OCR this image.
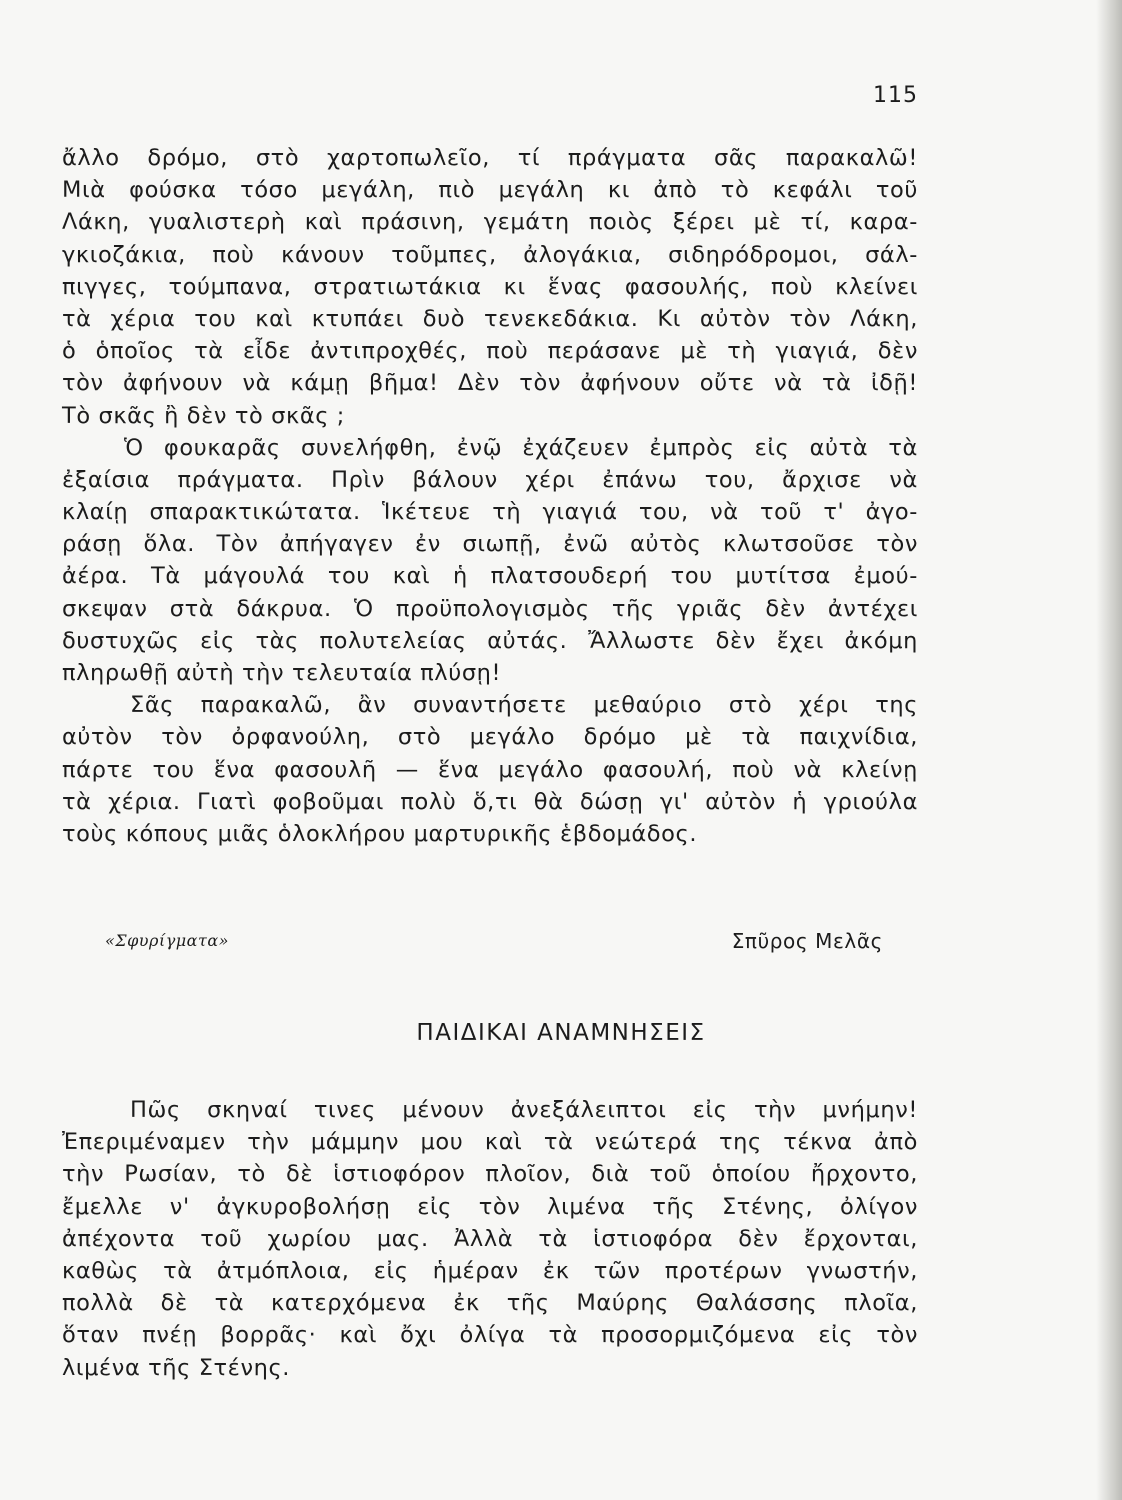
115
ἄλλο δρόμο, στὸ χαρτοπωλεῖο, τί πράγματα σᾶς παρακαλῶ!
Μιὰ φούσκα τόσο μεγάλη, πιὸ μεγάλη κι ἀπὸ τὸ κεφάλι τοῦ
Λάκη, γυαλιστερὴ καὶ πράσινη, γεμάτη ποιὸς ξέρει μὲ τί, καρα-
γκιοζάκια, ποὺ κάνουν τοῦμπες, ἀλογάκια, σιδηρόδρομοι, σάλ-
πιγγες, τούμπανα, στρατιωτάκια κι ἕνας φασουλής, ποὺ κλείνει
τὰ χέρια του καὶ κτυπάει δυὸ τενεκεδάκια. Κι αὐτὸν τὸν Λάκη,
ὁ ὁποῖος τὰ εἶδε ἀντιπροχθές, ποὺ περάσανε μὲ τὴ γιαγιά, δὲν
τὸν ἀφήνουν νὰ κάμῃ βῆμα! Δὲν τὸν ἀφήνουν οὔτε νὰ τὰ ἰδῇ!
Τὸ σκᾶς ἢ δὲν τὸ σκᾶς ;
Ὁ φουκαρᾶς συνελήφθη, ἐνῷ ἐχάζευεν ἐμπρὸς εἰς αὐτὰ τὰ
ἐξαίσια πράγματα. Πρὶν βάλουν χέρι ἐπάνω του, ἄρχισε νὰ
κλαίῃ σπαρακτικώτατα. Ἱκέτευε τὴ γιαγιά του, νὰ τοῦ τ' ἀγο-
ράσῃ ὅλα. Τὸν ἀπήγαγεν ἐν σιωπῇ, ἐνῶ αὐτὸς κλωτσοῦσε τὸν
ἀέρα. Τὰ μάγουλά του καὶ ἡ πλατσουδερή του μυτίτσα ἐμού-
σκεψαν στὰ δάκρυα. Ὁ προϋπολογισμὸς τῆς γριᾶς δὲν ἀντέχει
δυστυχῶς εἰς τὰς πολυτελείας αὐτάς. Ἄλλωστε δὲν ἔχει ἀκόμη
πληρωθῇ αὐτὴ τὴν τελευταία πλύσῃ!
Σᾶς παρακαλῶ, ἂν συναντήσετε μεθαύριο στὸ χέρι της
αὐτὸν τὸν ὀρφανούλη, στὸ μεγάλο δρόμο μὲ τὰ παιχνίδια,
πάρτε του ἕνα φασουλῆ — ἕνα μεγάλο φασουλή, ποὺ νὰ κλείνῃ
τὰ χέρια. Γιατὶ φοβοῦμαι πολὺ ὅ,τι θὰ δώσῃ γι' αὐτὸν ἡ γριούλα
τοὺς κόπους μιᾶς ὁλοκλήρου μαρτυρικῆς ἑβδομάδος.
«Σφυρίγματα»	Σπῦρος Μελᾶς
ΠΑΙΔΙΚΑΙ ΑΝΑΜΝΗΣΕΙΣ
Πῶς σκηναί τινες μένουν ἀνεξάλειπτοι εἰς τὴν μνήμην!
Ἐπεριμέναμεν τὴν μάμμην μου καὶ τὰ νεώτερά της τέκνα ἀπὸ
τὴν Ρωσίαν, τὸ δὲ ἱστιοφόρον πλοῖον, διὰ τοῦ ὁποίου ἤρχοντο,
ἔμελλε ν' ἀγκυροβολήσῃ εἰς τὸν λιμένα τῆς Στένης, ὀλίγον
ἀπέχοντα τοῦ χωρίου μας. Ἀλλὰ τὰ ἱστιοφόρα δὲν ἔρχονται,
καθὼς τὰ ἀτμόπλοια, εἰς ἡμέραν ἐκ τῶν προτέρων γνωστήν,
πολλὰ δὲ τὰ κατερχόμενα ἐκ τῆς Μαύρης Θαλάσσης πλοῖα,
ὅταν πνέῃ βορρᾶς· καὶ ὄχι ὀλίγα τὰ προσορμιζόμενα εἰς τὸν
λιμένα τῆς Στένης.
